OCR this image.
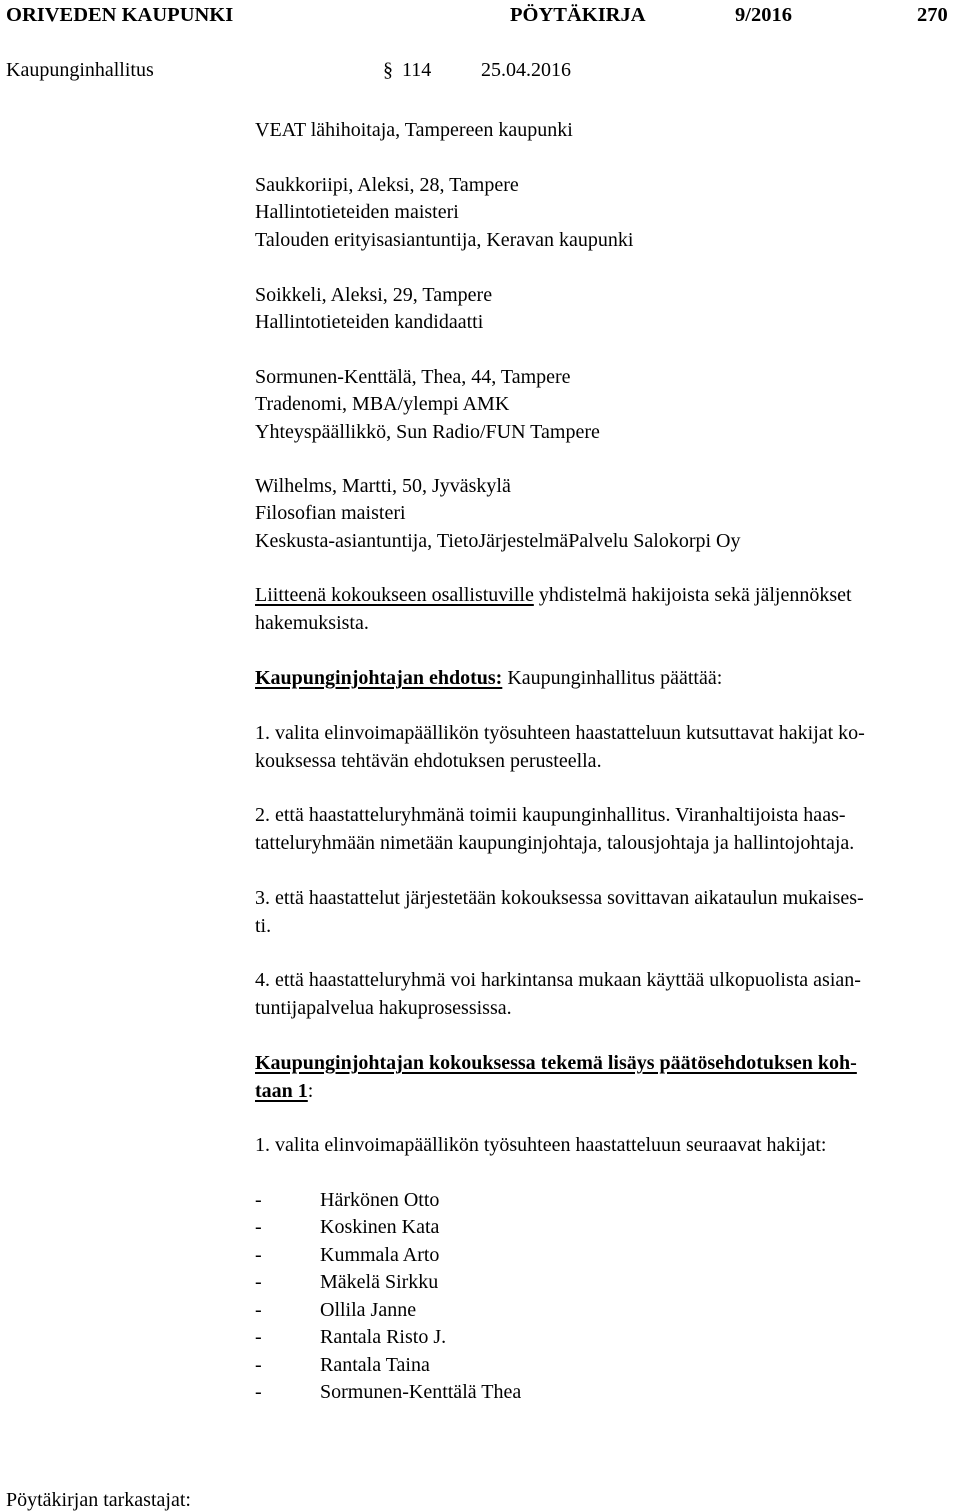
ORIVEDEN KAUPUNKI	PÖYTÄKIRJA	9/2016	270
Kaupunginhallitus	§ 114 25.04.2016
VEAT lähihoitaja, Tampereen kaupunki
Saukkoriipi, Aleksi, 28, Tampere
Hallintotieteiden maisteri
Talouden erityisasiantuntija, Keravan kaupunki
Soikkeli, Aleksi, 29, Tampere
Hallintotieteiden kandidaatti
Sormunen-Kenttälä, Thea, 44, Tampere
Tradenomi, MBA/ylempi AMK
Yhteyspäällikkö, Sun Radio/FUN Tampere
Wilhelms, Martti, 50, Jyväskylä
Filosofian maisteri
Keskusta-asiantuntija, TietoJärjestelmäPalvelu Salokorpi Oy
Liitteenä kokoukseen osallistuville yhdistelmä hakijoista sekä jäljennökset
hakemuksista.
Kaupunginjohtajan ehdotus: Kaupunginhallitus päättää:
1. valita elinvoimapäällikön työsuhteen haastatteluun kutsuttavat hakijat ko-
kouksessa tehtävän ehdotuksen perusteella.
2. että haastatteluryhmänä toimii kaupunginhallitus. Viranhaltijoista haas-
tatteluryhmään nimetään kaupunginjohtaja, talousjohtaja ja hallintojohtaja.
3. että haastattelut järjestetään kokouksessa sovittavan aikataulun mukaises-
ti.
4. että haastatteluryhmä voi harkintansa mukaan käyttää ulkopuolista asian-
tuntijapalvelua hakuprosessissa.
Kaupunginjohtajan kokouksessa tekemä lisäys päätösehdotuksen koh-
taan 1:
1. valita elinvoimapäällikön työsuhteen haastatteluun seuraavat hakijat:
-	Härkönen Otto
-	Koskinen Kata
-	Kummala Arto
-	Mäkelä Sirkku
-	Ollila Janne
-	Rantala Risto J.
-	Rantala Taina
-	Sormunen-Kenttälä Thea
Pöytäkirjan tarkastajat:
